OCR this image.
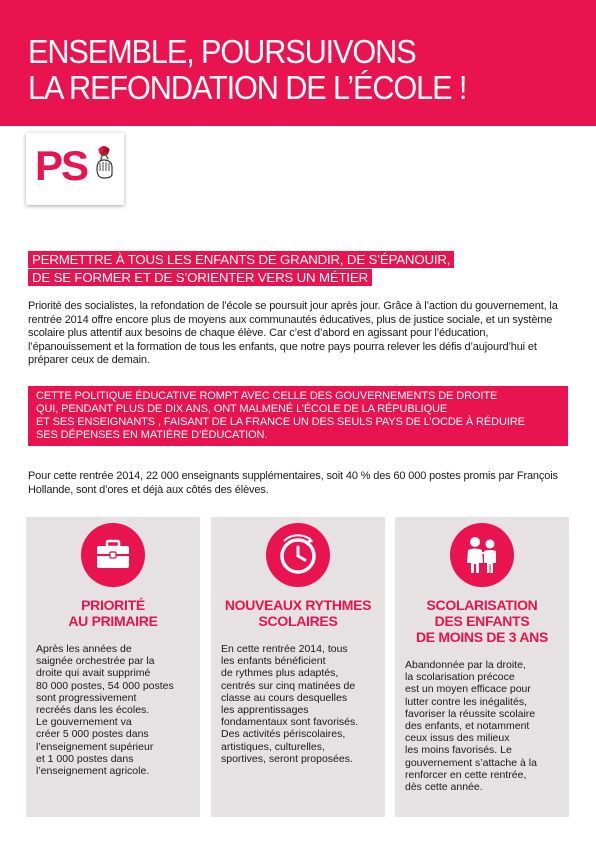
ENSEMBLE, POURSUIVONS
LA REFONDATION DE L’ÉCOLE !
PS
PERMETTRE À TOUS LES ENFANTS DE GRANDIR, DE S’ÉPANOUIR,
DE SE FORMER ET DE S’ORIENTER VERS UN MÉTIER

Priorité des socialistes, la refondation de l’école se poursuit jour après jour. Grâce à l’action du gouvernement, la rentrée 2014 offre encore plus de moyens aux communautés éducatives, plus de justice sociale, et un système scolaire plus attentif aux besoins de chaque élève. Car c’est d’abord en agissant pour l’éducation, l’épanouissement et la formation de tous les enfants, que notre pays pourra relever les défis d’aujourd’hui et préparer ceux de demain.

CETTE POLITIQUE ÉDUCATIVE ROMPT AVEC CELLE DES GOUVERNEMENTS DE DROITE
QUI, PENDANT PLUS DE DIX ANS, ONT MALMENÉ L’ÉCOLE DE LA RÉPUBLIQUE
ET SES ENSEIGNANTS , FAISANT DE LA FRANCE UN DES SEULS PAYS DE L’OCDE À RÉDUIRE
SES DÉPENSES EN MATIÈRE D’ÉDUCATION.

Pour cette rentrée 2014, 22 000 enseignants supplémentaires, soit 40 % des 60 000 postes promis par François Hollande, sont d’ores et déjà aux côtés des élèves.

PRIORITÉ
AU PRIMAIRE
Après les années de
saignée orchestrée par la
droite qui avait supprimé
80 000 postes, 54 000 postes
sont progressivement
recréés dans les écoles.
Le gouvernement va
créer 5 000 postes dans
l’enseignement supérieur
et 1 000 postes dans
l’enseignement agricole.
NOUVEAUX RYTHMES
SCOLAIRES
En cette rentrée 2014, tous
les enfants bénéficient
de rythmes plus adaptés,
centrés sur cinq matinées de
classe au cours desquelles
les apprentissages
fondamentaux sont favorisés.
Des activités périscolaires,
artistiques, culturelles,
sportives, seront proposées.
SCOLARISATION
DES ENFANTS
DE MOINS DE 3 ANS
Abandonnée par la droite,
la scolarisation précoce
est un moyen efficace pour
lutter contre les inégalités,
favoriser la réussite scolaire
des enfants, et notamment
ceux issus des milieux
les moins favorisés. Le
gouvernement s’attache à la
renforcer en cette rentrée,
dès cette année.
